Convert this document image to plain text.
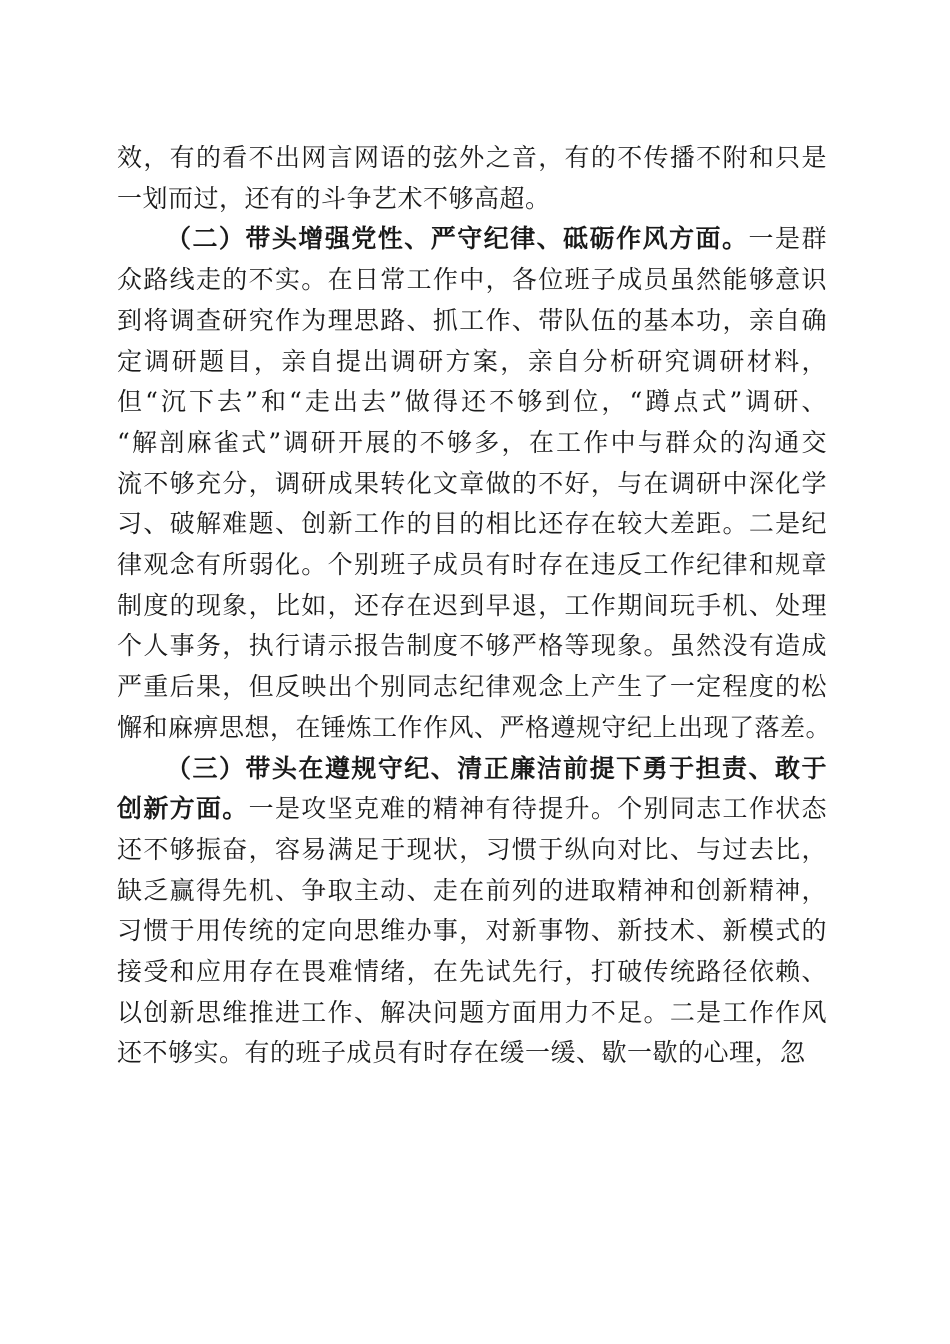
效，有的看不出网言网语的弦外之音，有的不传播不附和只是
一划而过，还有的斗争艺术不够高超。
（二）带头增强党性、严守纪律、砥砺作风方面。一是群
众路线走的不实。在日常工作中，各位班子成员虽然能够意识
到将调查研究作为理思路、抓工作、带队伍的基本功，亲自确
定调研题目，亲自提出调研方案，亲自分析研究调研材料，
但“沉下去”和“走出去”做得还不够到位，“蹲点式”调研、
“解剖麻雀式”调研开展的不够多，在工作中与群众的沟通交
流不够充分，调研成果转化文章做的不好，与在调研中深化学
习、破解难题、创新工作的目的相比还存在较大差距。二是纪
律观念有所弱化。个别班子成员有时存在违反工作纪律和规章
制度的现象，比如，还存在迟到早退，工作期间玩手机、处理
个人事务，执行请示报告制度不够严格等现象。虽然没有造成
严重后果，但反映出个别同志纪律观念上产生了一定程度的松
懈和麻痹思想，在锤炼工作作风、严格遵规守纪上出现了落差。
（三）带头在遵规守纪、清正廉洁前提下勇于担责、敢于
创新方面。一是攻坚克难的精神有待提升。个别同志工作状态
还不够振奋，容易满足于现状，习惯于纵向对比、与过去比，
缺乏赢得先机、争取主动、走在前列的进取精神和创新精神，
习惯于用传统的定向思维办事，对新事物、新技术、新模式的
接受和应用存在畏难情绪，在先试先行，打破传统路径依赖、
以创新思维推进工作、解决问题方面用力不足。二是工作作风
还不够实。有的班子成员有时存在缓一缓、歇一歇的心理，忽
